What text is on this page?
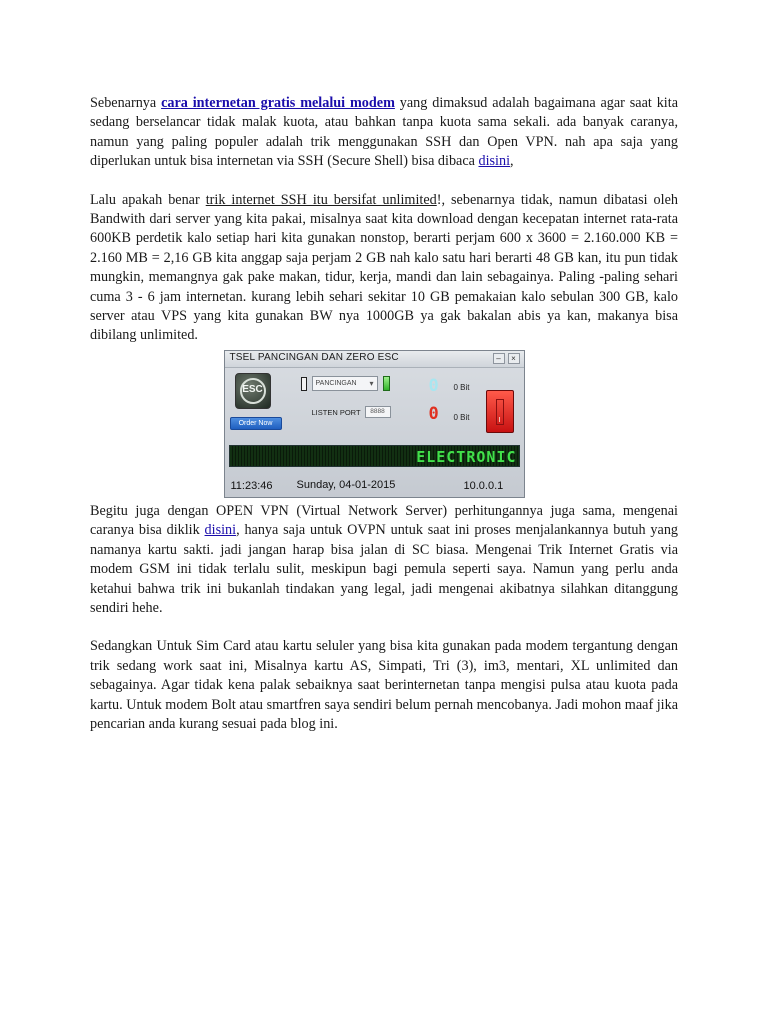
Sebenarnya cara internetan gratis melalui modem yang dimaksud adalah bagaimana agar saat kita sedang berselancar tidak malak kuota, atau bahkan tanpa kuota sama sekali. ada banyak caranya, namun yang paling populer adalah trik menggunakan SSH dan Open VPN. nah apa saja yang diperlukan untuk bisa internetan via SSH (Secure Shell) bisa dibaca disini,

Lalu apakah benar trik internet SSH itu bersifat unlimited!, sebenarnya tidak, namun dibatasi oleh Bandwith dari server yang kita pakai, misalnya saat kita download dengan kecepatan internet rata-rata 600KB perdetik kalo setiap hari kita gunakan nonstop, berarti perjam 600 x 3600 = 2.160.000 KB = 2.160 MB = 2,16 GB kita anggap saja perjam 2 GB nah kalo satu hari berarti 48 GB kan, itu pun tidak mungkin, memangnya gak pake makan, tidur, kerja, mandi dan lain sebagainya. Paling -paling sehari cuma 3 - 6 jam internetan. kurang lebih sehari sekitar 10 GB pemakaian kalo sebulan 300 GB, kalo server atau VPS yang kita gunakan BW nya 1000GB ya gak bakalan abis ya kan, makanya bisa dibilang unlimited.

TSEL PANCINGAN DAN ZERO ESC	–	×
ESC
Order Now
PANCINGAN ▾
LISTEN PORT	8888
0 0 Bit
0 0 Bit	I
ELECTRONIC
11:23:46 Sunday, 04-01-2015	10.0.0.1

Begitu juga dengan OPEN VPN (Virtual Network Server) perhitungannya juga sama, mengenai caranya bisa diklik disini, hanya saja untuk OVPN untuk saat ini proses menjalankannya butuh yang namanya kartu sakti. jadi jangan harap bisa jalan di SC biasa. Mengenai Trik Internet Gratis via modem GSM ini tidak terlalu sulit, meskipun bagi pemula seperti saya. Namun yang perlu anda ketahui bahwa trik ini bukanlah tindakan yang legal, jadi mengenai akibatnya silahkan ditanggung sendiri hehe.

Sedangkan Untuk Sim Card atau kartu seluler yang bisa kita gunakan pada modem tergantung dengan trik sedang work saat ini, Misalnya kartu AS, Simpati, Tri (3), im3, mentari, XL unlimited dan sebagainya. Agar tidak kena palak sebaiknya saat berinternetan tanpa mengisi pulsa atau kuota pada kartu. Untuk modem Bolt atau smartfren saya sendiri belum pernah mencobanya. Jadi mohon maaf jika pencarian anda kurang sesuai pada blog ini.
